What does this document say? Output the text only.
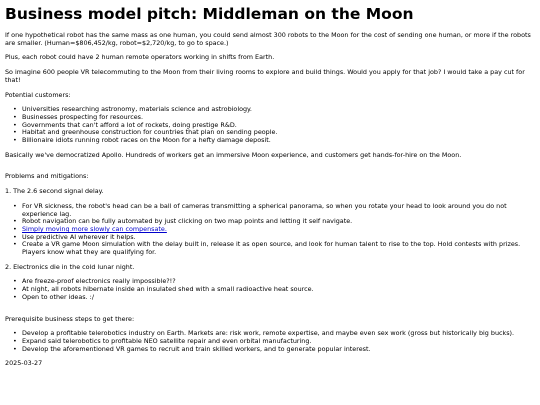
Business model pitch: Middleman on the Moon

If one hypothetical robot has the same mass as one human, you could send almost 300 robots to the Moon for the cost of sending one human, or more if the robots are smaller. (Human=$806,452/kg, robot=$2,720/kg, to go to space.)

Plus, each robot could have 2 human remote operators working in shifts from Earth.

So imagine 600 people VR telecommuting to the Moon from their living rooms to explore and build things. Would you apply for that job? I would take a pay cut for that!

Potential customers:

• Universities researching astronomy, materials science and astrobiology.
• Businesses prospecting for resources.
• Governments that can't afford a lot of rockets, doing prestige R&D.
• Habitat and greenhouse construction for countries that plan on sending people.
• Billionaire idiots running robot races on the Moon for a hefty damage deposit.

Basically we've democratized Apollo. Hundreds of workers get an immersive Moon experience, and customers get hands-for-hire on the Moon.

Problems and mitigations:

1. The 2.6 second signal delay.

• For VR sickness, the robot's head can be a ball of cameras transmitting a spherical panorama, so when you rotate your head to look around you do not experience lag.
• Robot navigation can be fully automated by just clicking on two map points and letting it self navigate.
• Simply moving more slowly can compensate.
• Use predictive AI wherever it helps.
• Create a VR game Moon simulation with the delay built in, release it as open source, and look for human talent to rise to the top. Hold contests with prizes. Players know what they are qualifying for.

2. Electronics die in the cold lunar night.

• Are freeze-proof electronics really impossible?!?
• At night, all robots hibernate inside an insulated shed with a small radioactive heat source.
• Open to other ideas. :/

Prerequisite business steps to get there:

• Develop a profitable telerobotics industry on Earth. Markets are: risk work, remote expertise, and maybe even sex work (gross but historically big bucks).
• Expand said telerobotics to profitable NEO satellite repair and even orbital manufacturing.
• Develop the aforementioned VR games to recruit and train skilled workers, and to generate popular interest.
2025-03-27
